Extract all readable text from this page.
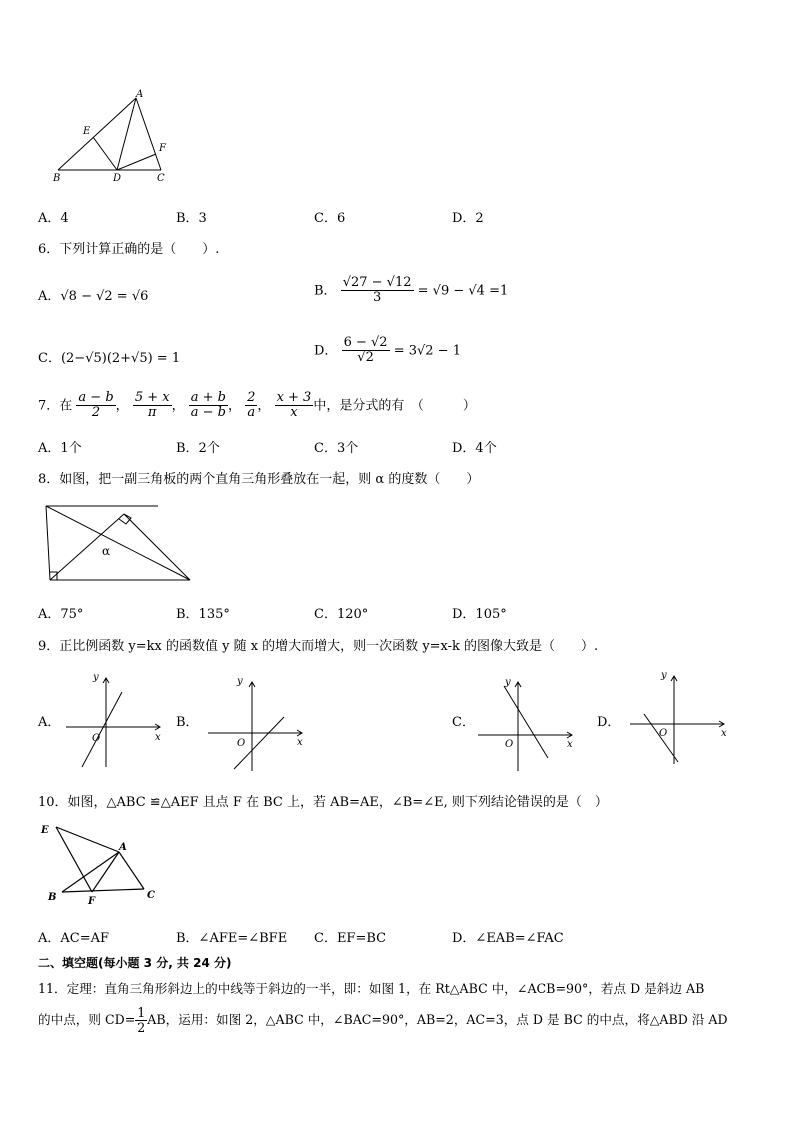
A
E
F
B	D	C
A．4	B．3	C．6	D．2
6．下列计算正确的是（　　）.
A．√8 − √2 = √6	B． $\frac{√27 - √12}{3} = √9 - √4 =1$
C．(2−√5)(2+√5) = 1
D． $\frac{6 - √2}{√2} = 3√2 - 1$
7．在 $\frac{a - b}{2}$ ， $\frac{5 + x}{\pi}$ ， $\frac{a + b}{a - b}$ ， $\frac{2}{a}$ ， $\frac{x + 3}{x}$ 中，是分式的有　（　　　）
A．1个	B．2个	C．3个	D．4个
8．如图，把一副三角板的两个直角三角形叠放在一起，则 α 的度数（　　）
α
A．75°	B．135°	C．120°	D．105°
9．正比例函数 y=kx 的函数值 y 随 x 的增大而增大，则一次函数 y=x-k 的图像大致是（　　）.
A．
y
x
O
B．
y
x
O
C．
y
x
O
D．
y
x
O
10．如图，△ABC ≌△AEF 且点 F 在 BC 上，若 AB=AE，∠B=∠E, 则下列结论错误的是（　）
E
A
B	F
C
A．AC=AF	B．∠AFE=∠BFE C．EF=BC	D．∠EAB=∠FAC
二、填空题(每小题 3 分, 共 24 分)
11．定理：直角三角形斜边上的中线等于斜边的一半，即：如图 1，在 Rt△ABC 中，∠ACB=90°，若点 D 是斜边 AB
的中点，则 $CD= \frac{1}{2}$ AB，运用：如图 2，△ABC 中，∠BAC=90°，AB=2，AC=3，点 D 是 BC 的中点，将△ABD 沿 AD
